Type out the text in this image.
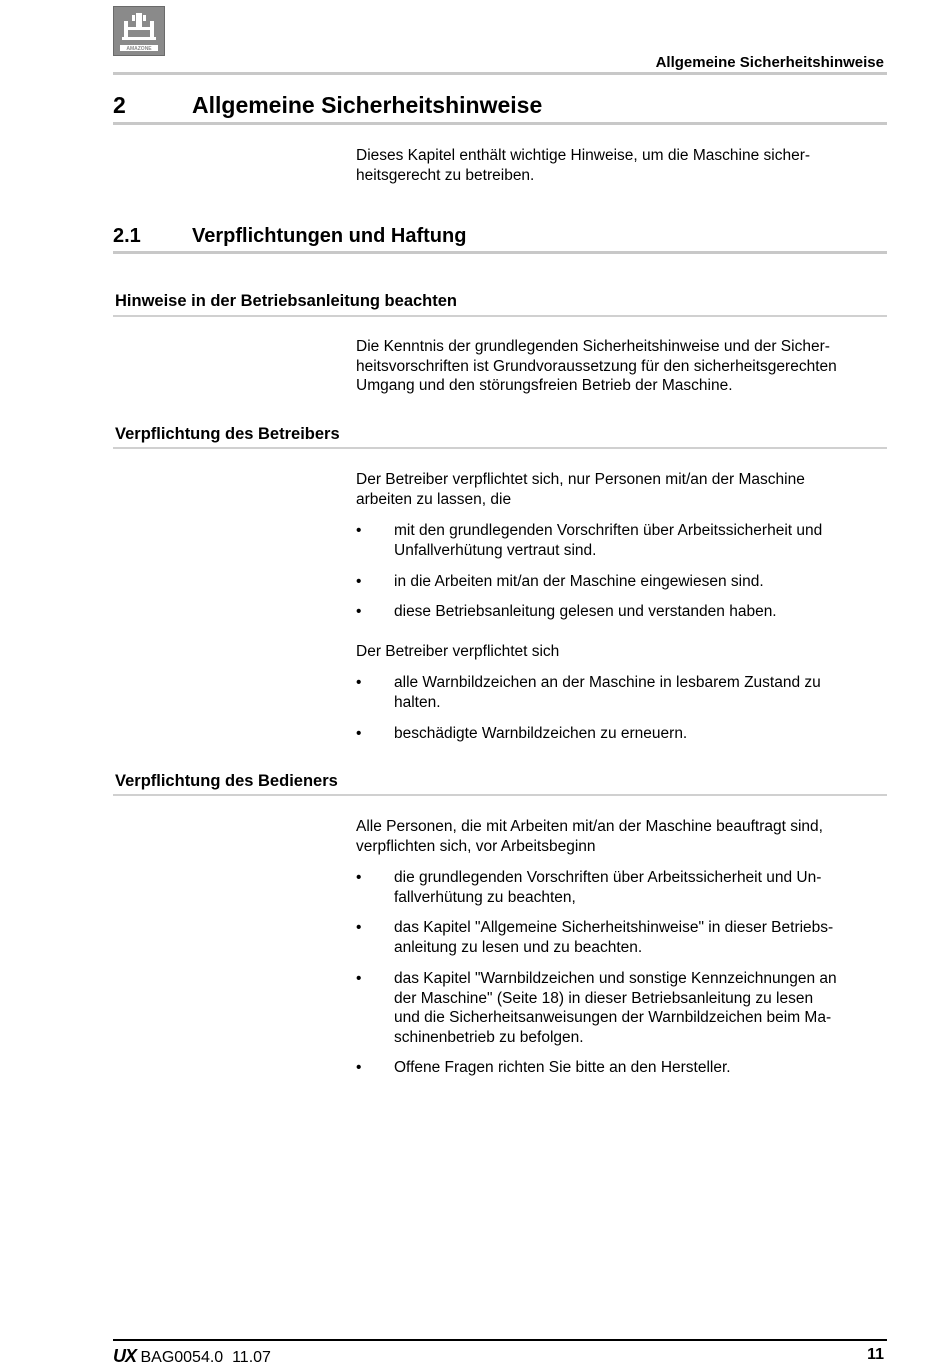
AMAZONE
Allgemeine Sicherheitshinweise
2	Allgemeine Sicherheitshinweise
Dieses Kapitel enthält wichtige Hinweise, um die Maschine sicher-
heitsgerecht zu betreiben.
2.1	Verpflichtungen und Haftung
Hinweise in der Betriebsanleitung beachten
Die Kenntnis der grundlegenden Sicherheitshinweise und der Sicher-
heitsvorschriften ist Grundvoraussetzung für den sicherheitsgerechten
Umgang und den störungsfreien Betrieb der Maschine.
Verpflichtung des Betreibers
Der Betreiber verpflichtet sich, nur Personen mit/an der Maschine
arbeiten zu lassen, die
• mit den grundlegenden Vorschriften über Arbeitssicherheit und
Unfallverhütung vertraut sind.
• in die Arbeiten mit/an der Maschine eingewiesen sind.
• diese Betriebsanleitung gelesen und verstanden haben.
Der Betreiber verpflichtet sich
• alle Warnbildzeichen an der Maschine in lesbarem Zustand zu
halten.
• beschädigte Warnbildzeichen zu erneuern.
Verpflichtung des Bedieners
Alle Personen, die mit Arbeiten mit/an der Maschine beauftragt sind,
verpflichten sich, vor Arbeitsbeginn
• die grundlegenden Vorschriften über Arbeitssicherheit und Un-
fallverhütung zu beachten,
• das Kapitel "Allgemeine Sicherheitshinweise" in dieser Betriebs-
anleitung zu lesen und zu beachten.
• das Kapitel "Warnbildzeichen und sonstige Kennzeichnungen an
der Maschine" (Seite 18) in dieser Betriebsanleitung zu lesen
und die Sicherheitsanweisungen der Warnbildzeichen beim Ma-
schinenbetrieb zu befolgen.
• Offene Fragen richten Sie bitte an den Hersteller.
UX BAG0054.0  11.07	11
